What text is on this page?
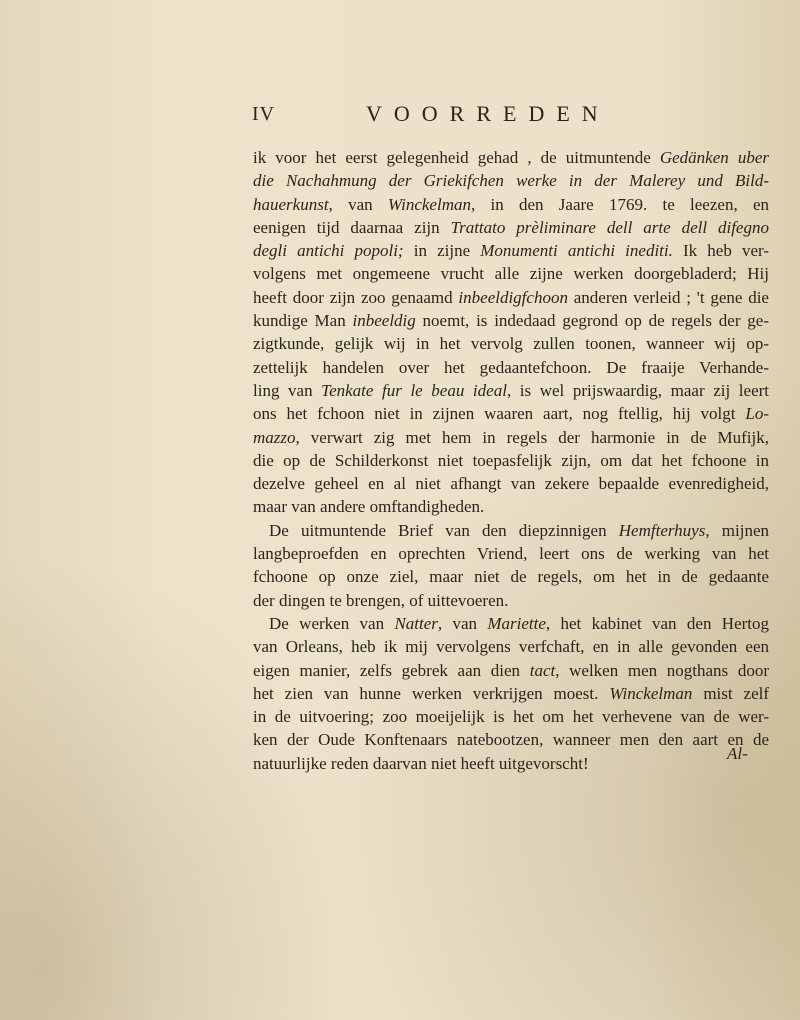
IV	VOORREDEN
ik voor het eerst gelegenheid gehad , de uitmuntende Gedänken uber
die Nachahmung der Griekifchen werke in der Malerey und Bild-
hauerkunst, van Winckelman, in den Jaare 1769. te leezen, en
eenigen tijd daarnaa zijn Trattato prèliminare dell arte dell difegno
degli antichi popoli; in zijne Monumenti antichi inediti. Ik heb ver-
volgens met ongemeene vrucht alle zijne werken doorgebladerd; Hij
heeft door zijn zoo genaamd inbeeldigfchoon anderen verleid ; 't gene die
kundige Man inbeeldig noemt, is indedaad gegrond op de regels der ge-
zigtkunde, gelijk wij in het vervolg zullen toonen, wanneer wij op-
zettelijk handelen over het gedaantefchoon. De fraaije Verhande-
ling van Tenkate fur le beau ideal, is wel prijswaardig, maar zij leert
ons het fchoon niet in zijnen waaren aart, nog ftellig, hij volgt Lo-
mazzo, verwart zig met hem in regels der harmonie in de Mufijk,
die op de Schilderkonst niet toepasfelijk zijn, om dat het fchoone in
dezelve geheel en al niet afhangt van zekere bepaalde evenredigheid,
maar van andere omftandigheden.
De uitmuntende Brief van den diepzinnigen Hemfterhuys, mijnen
langbeproefden en oprechten Vriend, leert ons de werking van het
fchoone op onze ziel, maar niet de regels, om het in de gedaante
der dingen te brengen, of uittevoeren.
De werken van Natter, van Mariette, het kabinet van den Hertog
van Orleans, heb ik mij vervolgens verfchaft, en in alle gevonden een
eigen manier, zelfs gebrek aan dien tact, welken men nogthans door
het zien van hunne werken verkrijgen moest. Winckelman mist zelf
in de uitvoering; zoo moeijelijk is het om het verhevene van de wer-
ken der Oude Konftenaars natebootzen, wanneer men den aart en de
natuurlijke reden daarvan niet heeft uitgevorscht!
Al-
